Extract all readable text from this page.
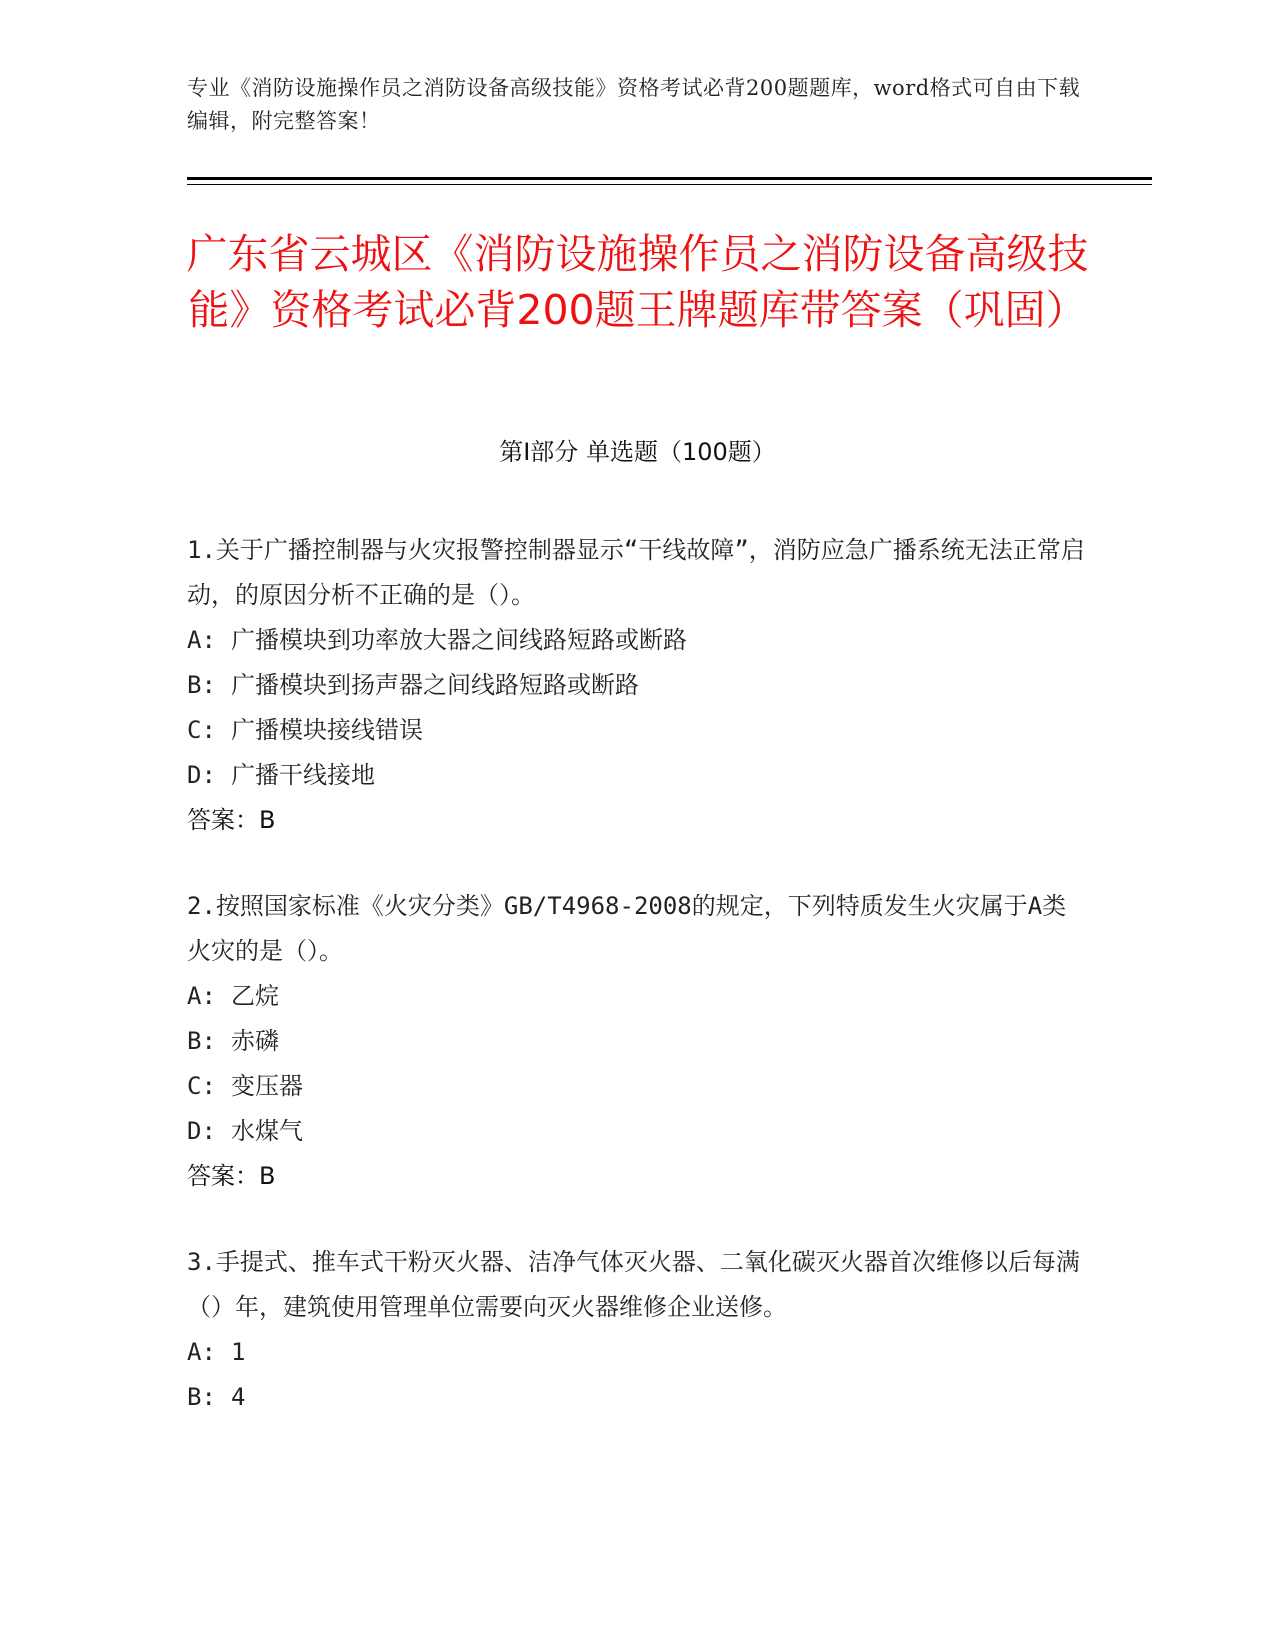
专业《消防设施操作员之消防设备高级技能》资格考试必背200题题库，word格式可自由下载编辑，附完整答案！
广东省云城区《消防设施操作员之消防设备高级技能》资格考试必背200题王牌题库带答案（巩固）
第I部分 单选题（100题）

1.关于广播控制器与火灾报警控制器显示“干线故障”，消防应急广播系统无法正常启动，的原因分析不正确的是（）。

A: 广播模块到功率放大器之间线路短路或断路

B: 广播模块到扬声器之间线路短路或断路

C: 广播模块接线错误

D: 广播干线接地

答案：B

2.按照国家标准《火灾分类》GB/T4968-2008的规定，下列特质发生火灾属于A类火灾的是（）。

A: 乙烷

B: 赤磷

C: 变压器

D: 水煤气

答案：B

3.手提式、推车式干粉灭火器、洁净气体灭火器、二氧化碳灭火器首次维修以后每满（）年，建筑使用管理单位需要向灭火器维修企业送修。

A: 1

B: 4
